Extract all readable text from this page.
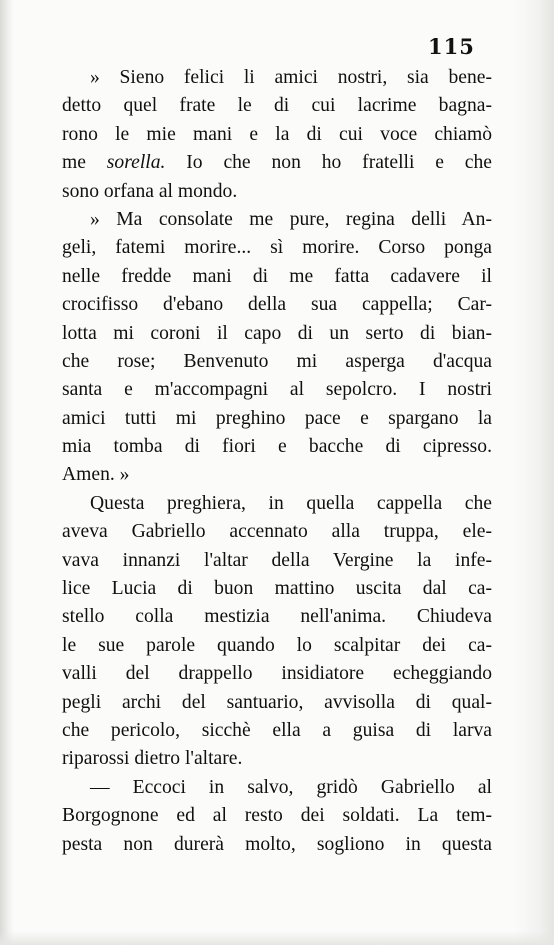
115
» Sieno felici li amici nostri, sia bene-
detto quel frate le di cui lacrime bagna-
rono le mie mani e la di cui voce chiamò
me sorella. Io che non ho fratelli e che
sono orfana al mondo.
» Ma consolate me pure, regina delli An-
geli, fatemi morire... sì morire. Corso ponga
nelle fredde mani di me fatta cadavere il
crocifisso d'ebano della sua cappella; Car-
lotta mi coroni il capo di un serto di bian-
che rose; Benvenuto mi asperga d'acqua
santa e m'accompagni al sepolcro. I nostri
amici tutti mi preghino pace e spargano la
mia tomba di fiori e bacche di cipresso.
Amen. »
Questa preghiera, in quella cappella che
aveva Gabriello accennato alla truppa, ele-
vava innanzi l'altar della Vergine la infe-
lice Lucia di buon mattino uscita dal ca-
stello colla mestizia nell'anima. Chiudeva
le sue parole quando lo scalpitar dei ca-
valli del drappello insidiatore echeggiando
pegli archi del santuario, avvisolla di qual-
che pericolo, sicchè ella a guisa di larva
riparossi dietro l'altare.
— Eccoci in salvo, gridò Gabriello al
Borgognone ed al resto dei soldati. La tem-
pesta non durerà molto, sogliono in questa
